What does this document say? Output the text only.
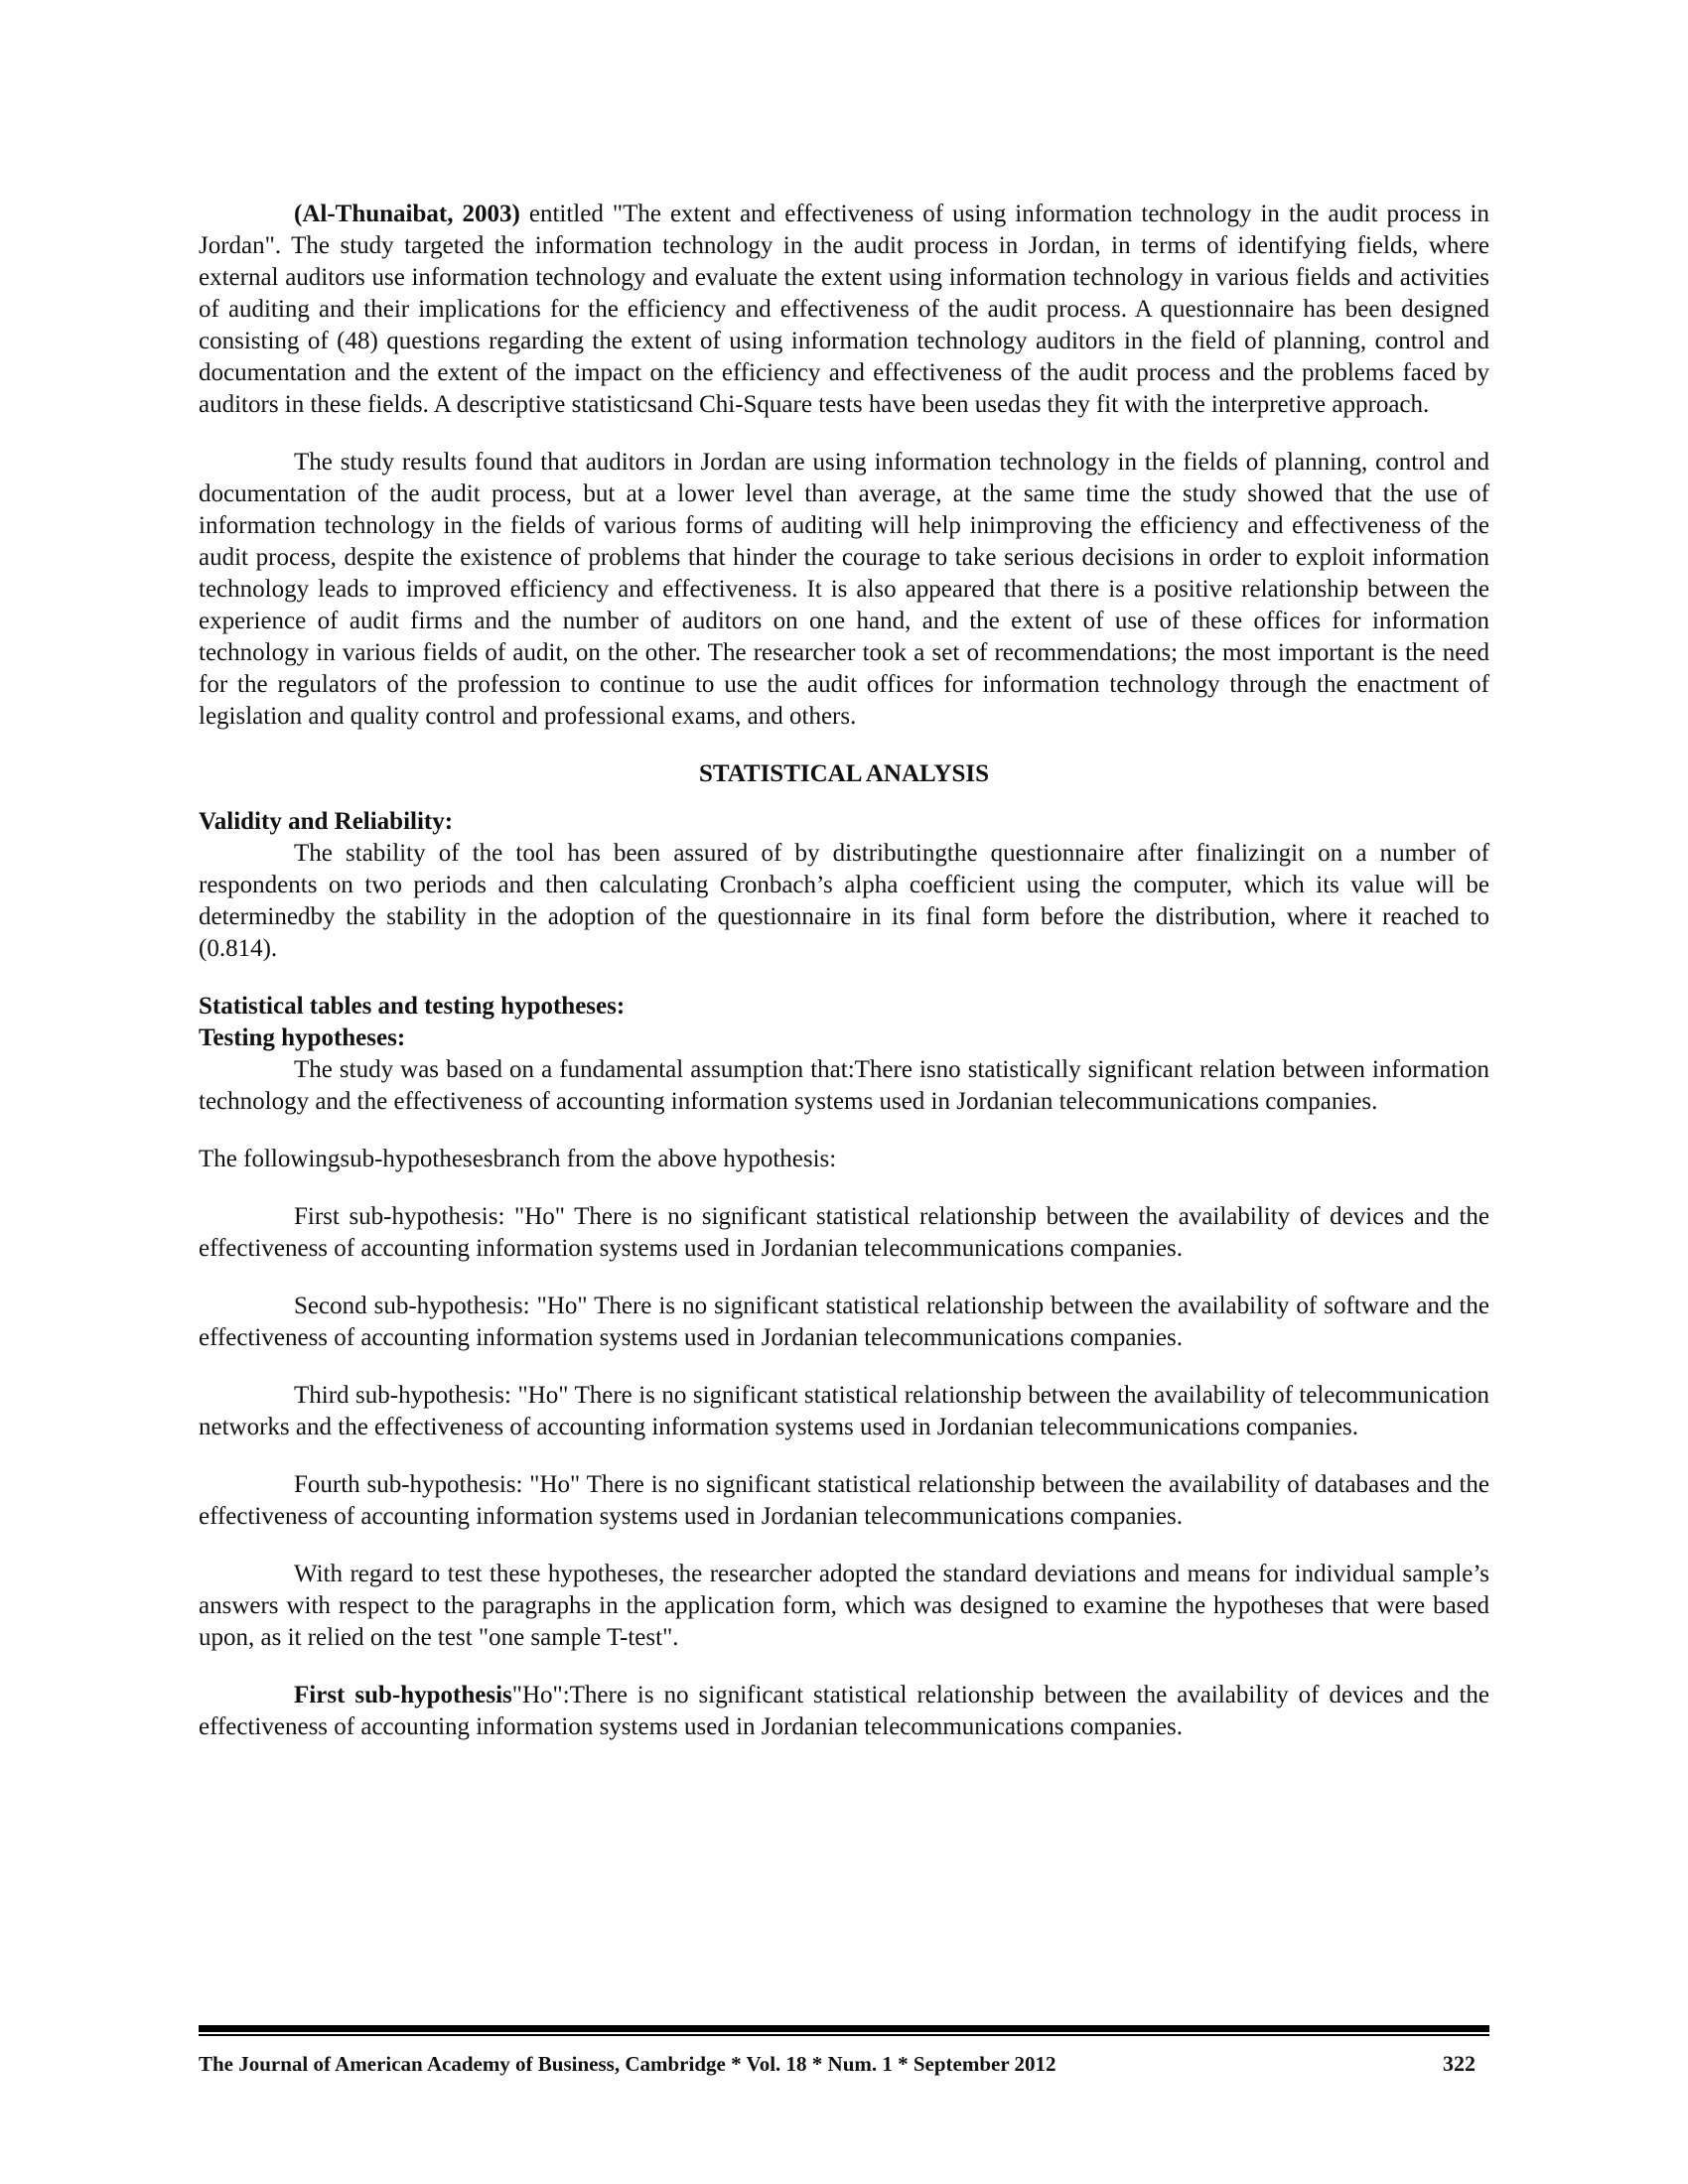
(Al-Thunaibat, 2003) entitled "The extent and effectiveness of using information technology in the audit process in Jordan". The study targeted the information technology in the audit process in Jordan, in terms of identifying fields, where external auditors use information technology and evaluate the extent using information technology in various fields and activities of auditing and their implications for the efficiency and effectiveness of the audit process. A questionnaire has been designed consisting of (48) questions regarding the extent of using information technology auditors in the field of planning, control and documentation and the extent of the impact on the efficiency and effectiveness of the audit process and the problems faced by auditors in these fields. A descriptive statisticsand Chi-Square tests have been usedas they fit with the interpretive approach.

The study results found that auditors in Jordan are using information technology in the fields of planning, control and documentation of the audit process, but at a lower level than average, at the same time the study showed that the use of information technology in the fields of various forms of auditing will help inimproving the efficiency and effectiveness of the audit process, despite the existence of problems that hinder the courage to take serious decisions in order to exploit information technology leads to improved efficiency and effectiveness. It is also appeared that there is a positive relationship between the experience of audit firms and the number of auditors on one hand, and the extent of use of these offices for information technology in various fields of audit, on the other. The researcher took a set of recommendations; the most important is the need for the regulators of the profession to continue to use the audit offices for information technology through the enactment of legislation and quality control and professional exams, and others.

STATISTICAL ANALYSIS
Validity and Reliability:

The stability of the tool has been assured of by distributingthe questionnaire after finalizingit on a number of respondents on two periods and then calculating Cronbach’s alpha coefficient using the computer, which its value will be determinedby the stability in the adoption of the questionnaire in its final form before the distribution, where it reached to (0.814).

Statistical tables and testing hypotheses:
Testing hypotheses:

The study was based on a fundamental assumption that:There isno statistically significant relation between information technology and the effectiveness of accounting information systems used in Jordanian telecommunications companies.

The followingsub-hypothesesbranch from the above hypothesis:

First sub-hypothesis: "Ho" There is no significant statistical relationship between the availability of devices and the effectiveness of accounting information systems used in Jordanian telecommunications companies.

Second sub-hypothesis: "Ho" There is no significant statistical relationship between the availability of software and the effectiveness of accounting information systems used in Jordanian telecommunications companies.

Third sub-hypothesis: "Ho" There is no significant statistical relationship between the availability of telecommunication networks and the effectiveness of accounting information systems used in Jordanian telecommunications companies.

Fourth sub-hypothesis: "Ho" There is no significant statistical relationship between the availability of databases and the effectiveness of accounting information systems used in Jordanian telecommunications companies.

With regard to test these hypotheses, the researcher adopted the standard deviations and means for individual sample’s answers with respect to the paragraphs in the application form, which was designed to examine the hypotheses that were based upon, as it relied on the test "one sample T-test".

First sub-hypothesis"Ho":There is no significant statistical relationship between the availability of devices and the effectiveness of accounting information systems used in Jordanian telecommunications companies.

The Journal of American Academy of Business, Cambridge * Vol. 18 * Num. 1 * September 2012	322
